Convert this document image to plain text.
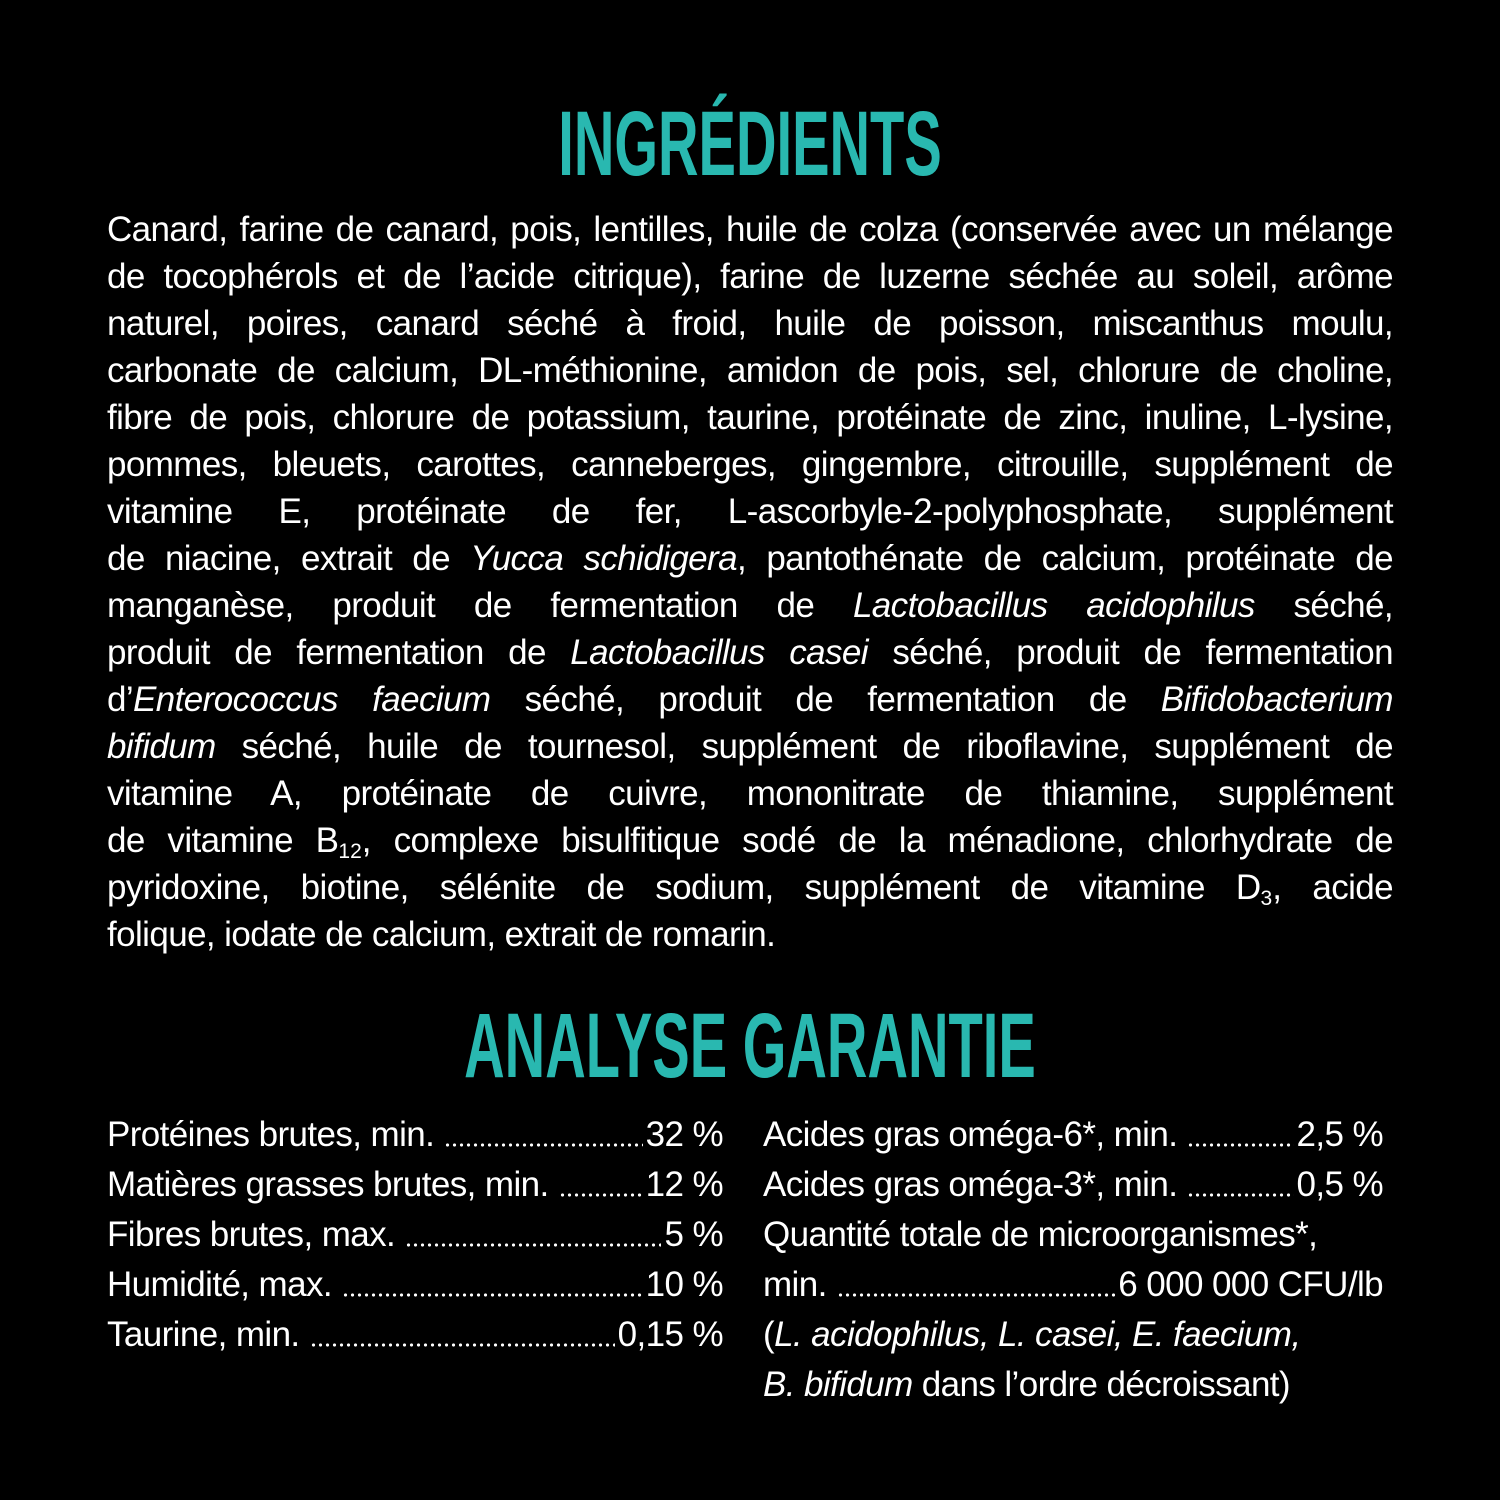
INGRÉDIENTS
Canard, farine de canard, pois, lentilles, huile de colza (conservée avec un mélange
de tocophérols et de l’acide citrique), farine de luzerne séchée au soleil, arôme
naturel, poires, canard séché à froid, huile de poisson, miscanthus moulu,
carbonate de calcium, DL-méthionine, amidon de pois, sel, chlorure de choline,
fibre de pois, chlorure de potassium, taurine, protéinate de zinc, inuline, L-lysine,
pommes, bleuets, carottes, canneberges, gingembre, citrouille, supplément de
vitamine E, protéinate de fer, L-ascorbyle-2-polyphosphate, supplément
de niacine, extrait de Yucca schidigera, pantothénate de calcium, protéinate de
manganèse, produit de fermentation de Lactobacillus acidophilus séché,
produit de fermentation de Lactobacillus casei séché, produit de fermentation
d’Enterococcus faecium séché, produit de fermentation de Bifidobacterium
bifidum séché, huile de tournesol, supplément de riboflavine, supplément de
vitamine A, protéinate de cuivre, mononitrate de thiamine, supplément
de vitamine $B_{12}$, complexe bisulfitique sodé de la ménadione, chlorhydrate de
pyridoxine, biotine, sélénite de sodium, supplément de vitamine $D_3$, acide
folique, iodate de calcium, extrait de romarin.
ANALYSE GARANTIE
Protéines brutes, min.	32 %
Matières grasses brutes, min.	12 %
Fibres brutes, max.	5 %
Humidité, max.	10 %
Taurine, min.	0,15 %
Acides gras oméga-6*, min.	2,5 %
Acides gras oméga-3*, min.	0,5 %
Quantité totale de microorganismes*,
min.	6 000 000 CFU/lb
( L. acidophilus, L. casei, E. faecium,
B. bifidum dans l’ordre décroissant)
